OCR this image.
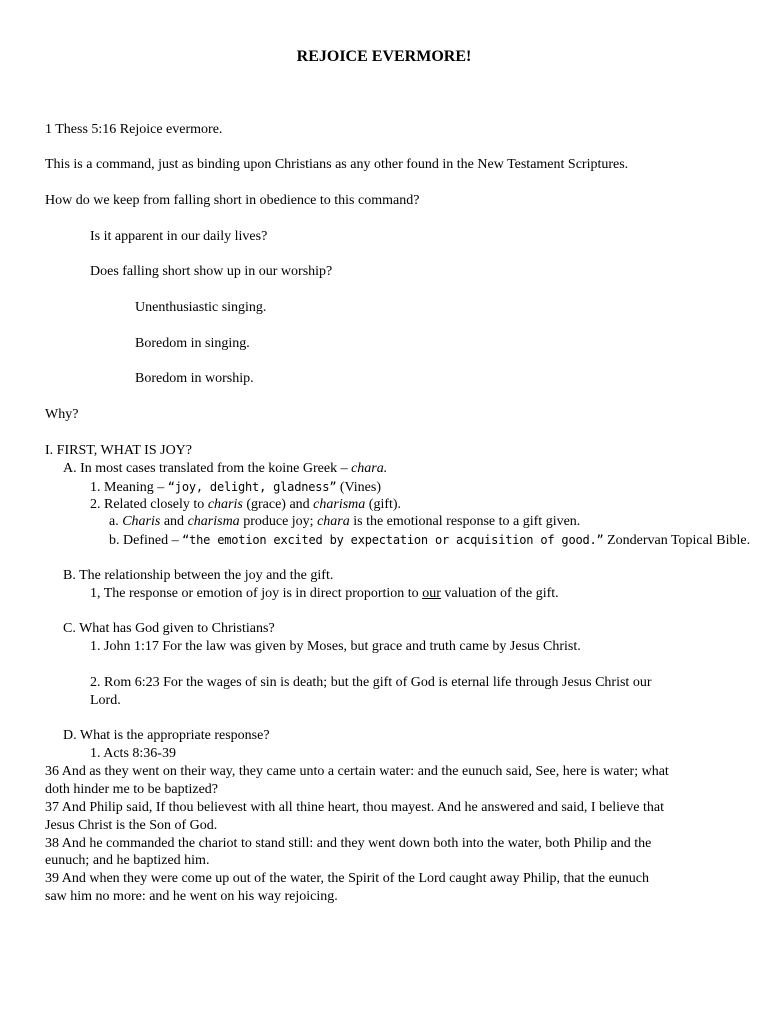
REJOICE EVERMORE!
1 Thess 5:16 Rejoice evermore.
This is a command, just as binding upon Christians as any other found in the New Testament Scriptures.
How do we keep from falling short in obedience to this command?
Is it apparent in our daily lives?
Does falling short show up in our worship?
Unenthusiastic singing.
Boredom in singing.
Boredom in worship.
Why?
I. FIRST, WHAT IS JOY?
A. In most cases translated from the koine Greek – chara.
1. Meaning – “joy, delight, gladness” (Vines)
2. Related closely to charis (grace) and charisma (gift).
a. Charis and charisma produce joy; chara is the emotional response to a gift given.
b. Defined – “the emotion excited by expectation or acquisition of good.” Zondervan Topical Bible.
B. The relationship between the joy and the gift.
1, The response or emotion of joy is in direct proportion to our valuation of the gift.
C. What has God given to Christians?
1. John 1:17 For the law was given by Moses, but grace and truth came by Jesus Christ.
2. Rom 6:23 For the wages of sin is death; but the gift of God is eternal life through Jesus Christ our
Lord.
D. What is the appropriate response?
1. Acts 8:36-39
36 And as they went on their way, they came unto a certain water: and the eunuch said, See, here is water; what
doth hinder me to be baptized?
37 And Philip said, If thou believest with all thine heart, thou mayest. And he answered and said, I believe that
Jesus Christ is the Son of God.
38 And he commanded the chariot to stand still: and they went down both into the water, both Philip and the
eunuch; and he baptized him.
39 And when they were come up out of the water, the Spirit of the Lord caught away Philip, that the eunuch
saw him no more: and he went on his way rejoicing.
